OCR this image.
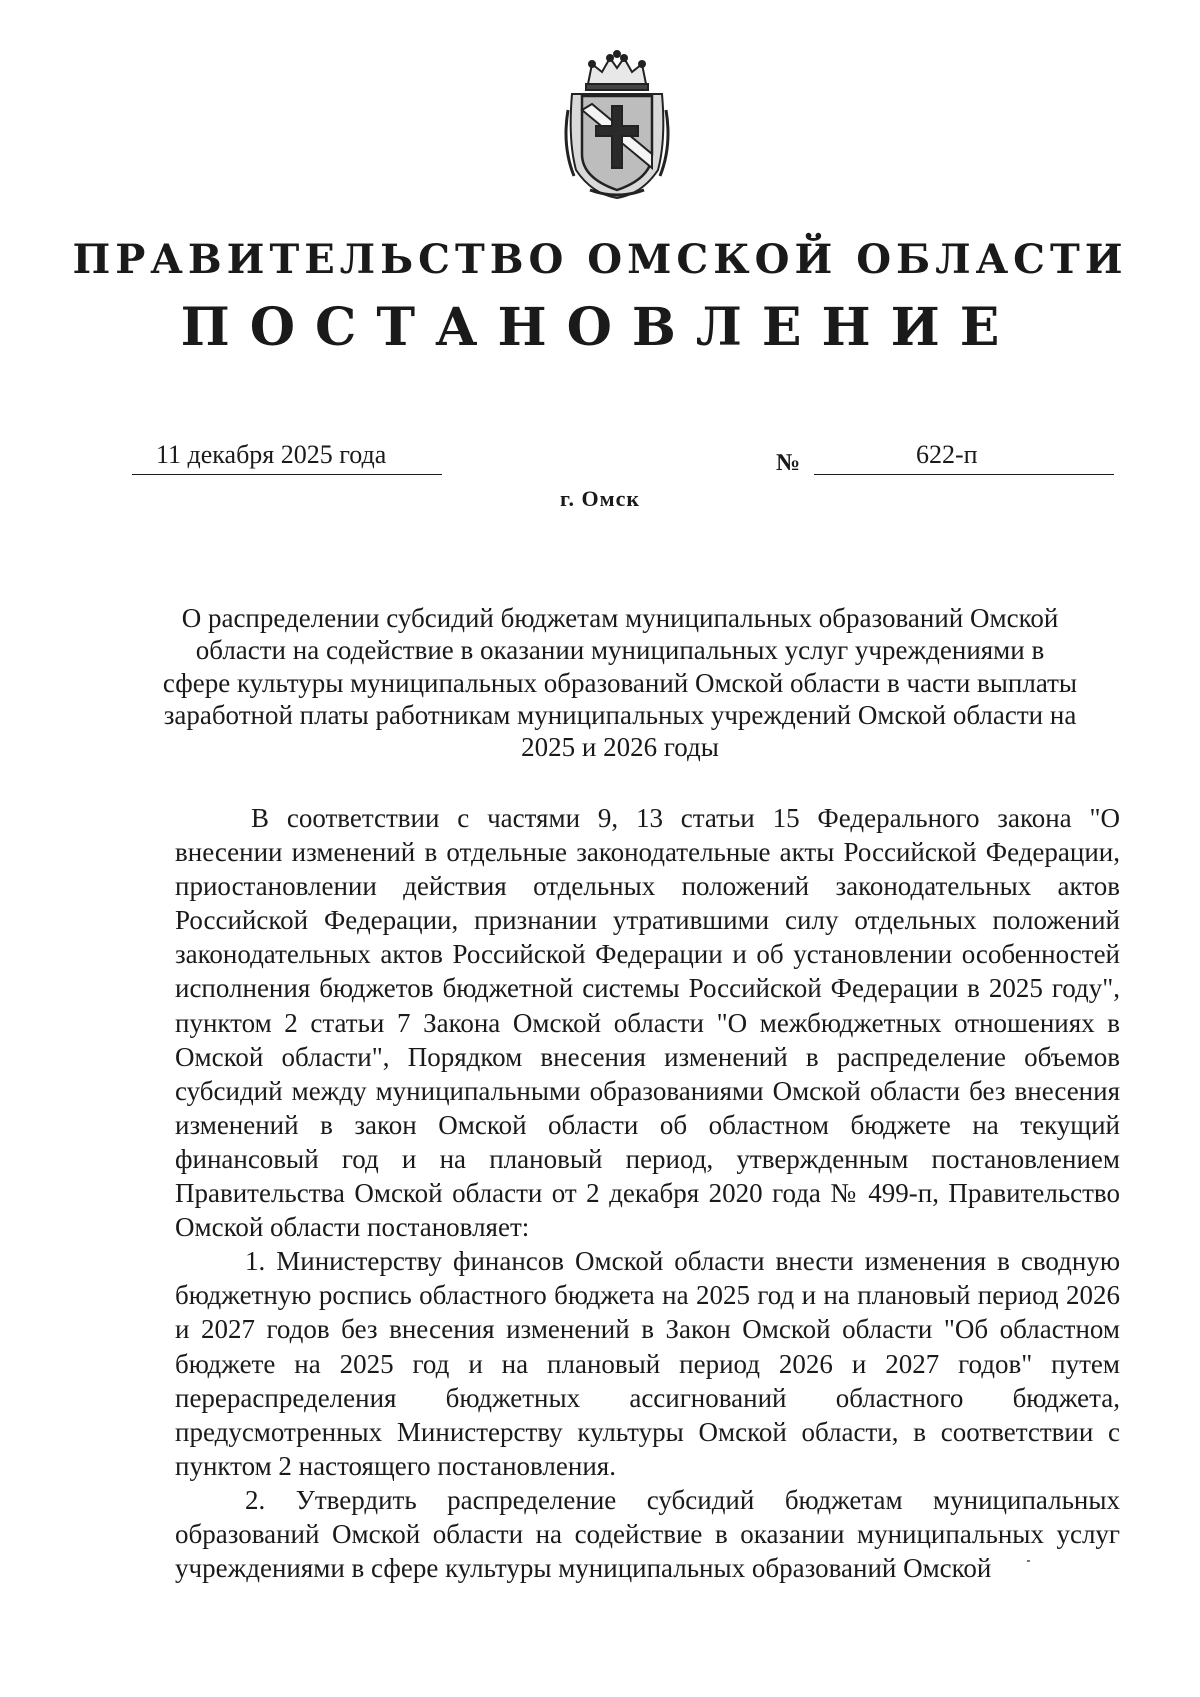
ПРАВИТЕЛЬСТВО ОМСКОЙ ОБЛАСТИ
ПОСТАНОВЛЕНИЕ
11 декабря 2025 года	№	622-п
г. Омск
О распределении субсидий бюджетам муниципальных образований Омской области на содействие в оказании муниципальных услуг учреждениями в сфере культуры муниципальных образований Омской области в части выплаты заработной платы работникам муниципальных учреждений Омской области на 2025 и 2026 годы

В соответствии с частями 9, 13 статьи 15 Федерального закона "О внесении изменений в отдельные законодательные акты Российской Федерации, приостановлении действия отдельных положений законодательных актов Российской Федерации, признании утратившими силу отдельных положений законодательных актов Российской Федерации и об установлении особенностей исполнения бюджетов бюджетной системы Российской Федерации в 2025 году", пунктом 2 статьи 7 Закона Омской области "О межбюджетных отношениях в Омской области", Порядком внесения изменений в распределение объемов субсидий между муниципальными образованиями Омской области без внесения изменений в закон Омской области об областном бюджете на текущий финансовый год и на плановый период, утвержденным постановлением Правительства Омской области от 2 декабря 2020 года № 499-п, Правительство Омской области постановляет:

1. Министерству финансов Омской области внести изменения в сводную бюджетную роспись областного бюджета на 2025 год и на плановый период 2026 и 2027 годов без внесения изменений в Закон Омской области "Об областном бюджете на 2025 год и на плановый период 2026 и 2027 годов" путем перераспределения бюджетных ассигнований областного бюджета, предусмотренных Министерству культуры Омской области, в соответствии с пунктом 2 настоящего постановления.

2. Утвердить распределение субсидий бюджетам муниципальных образований Омской области на содействие в оказании муниципальных услуг учреждениями в сфере культуры муниципальных образований Омской
